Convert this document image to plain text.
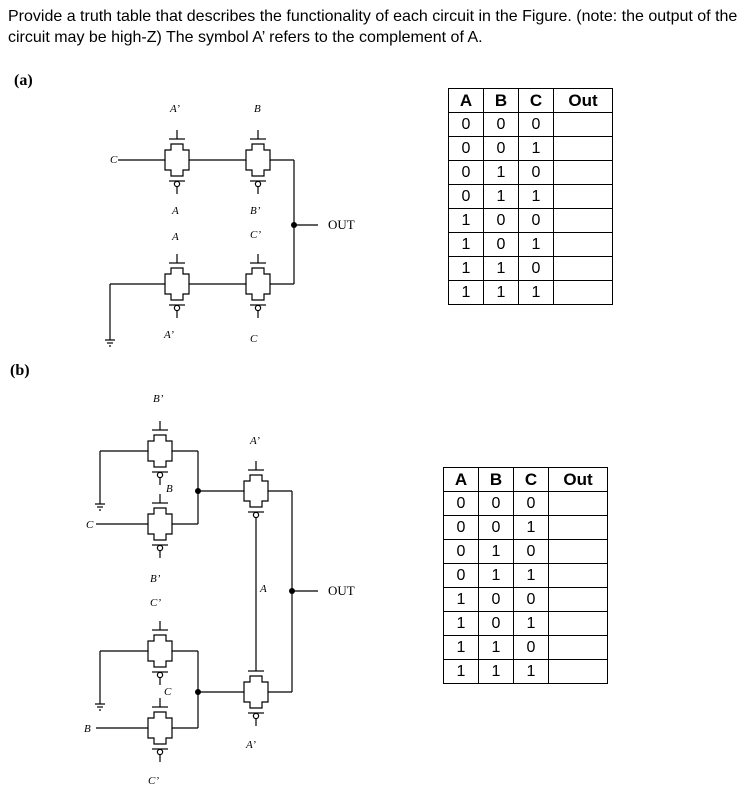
Provide a truth table that describes the functionality of each circuit in the Figure. (note: the output of the circuit may be high-Z) The symbol A’ refers to the complement of A.
(a)
(b)
A’	B
C
A
A
B’
C’
A’	C
OUT
B’
B
C
B’
C’
A’
A
C
B
C’
A’
OUT
A	B	C	Out
0	0	0	
0	0	1	
0	1	0	
0	1	1	
1	0	0	
1	0	1	
1	1	0	
1	1	1	
A	B	C	Out
0	0	0	
0	0	1	
0	1	0	
0	1	1	
1	0	0	
1	0	1	
1	1	0	
1	1	1	
